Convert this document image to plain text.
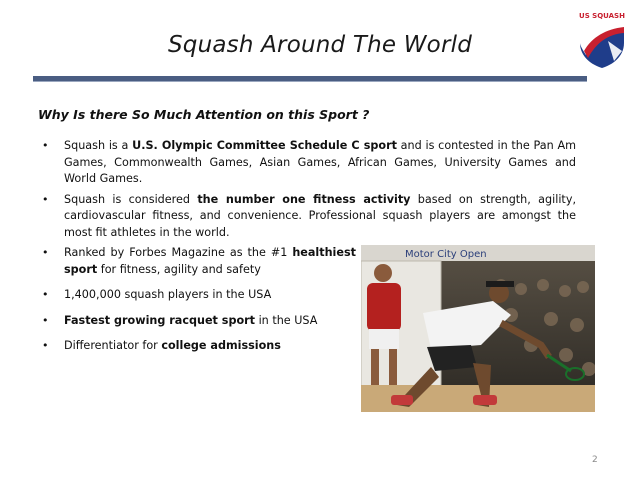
Squash Around The World
US SQUASH
Why Is there So Much Attention on this Sport ?
• Squash is a U.S. Olympic Committee Schedule C sport and is contested in the Pan Am Games, Commonwealth Games, Asian Games, African Games, University Games and World Games.
• Squash is considered the number one fitness activity based on strength, agility, cardiovascular fitness, and convenience. Professional squash players are amongst the most fit athletes in the world.
• Ranked by Forbes Magazine as the #1 healthiest sport for fitness, agility and safety
• 1,400,000 squash players in the USA
• Fastest growing racquet sport in the USA
• Differentiator for college admissions
Motor City Open
2
